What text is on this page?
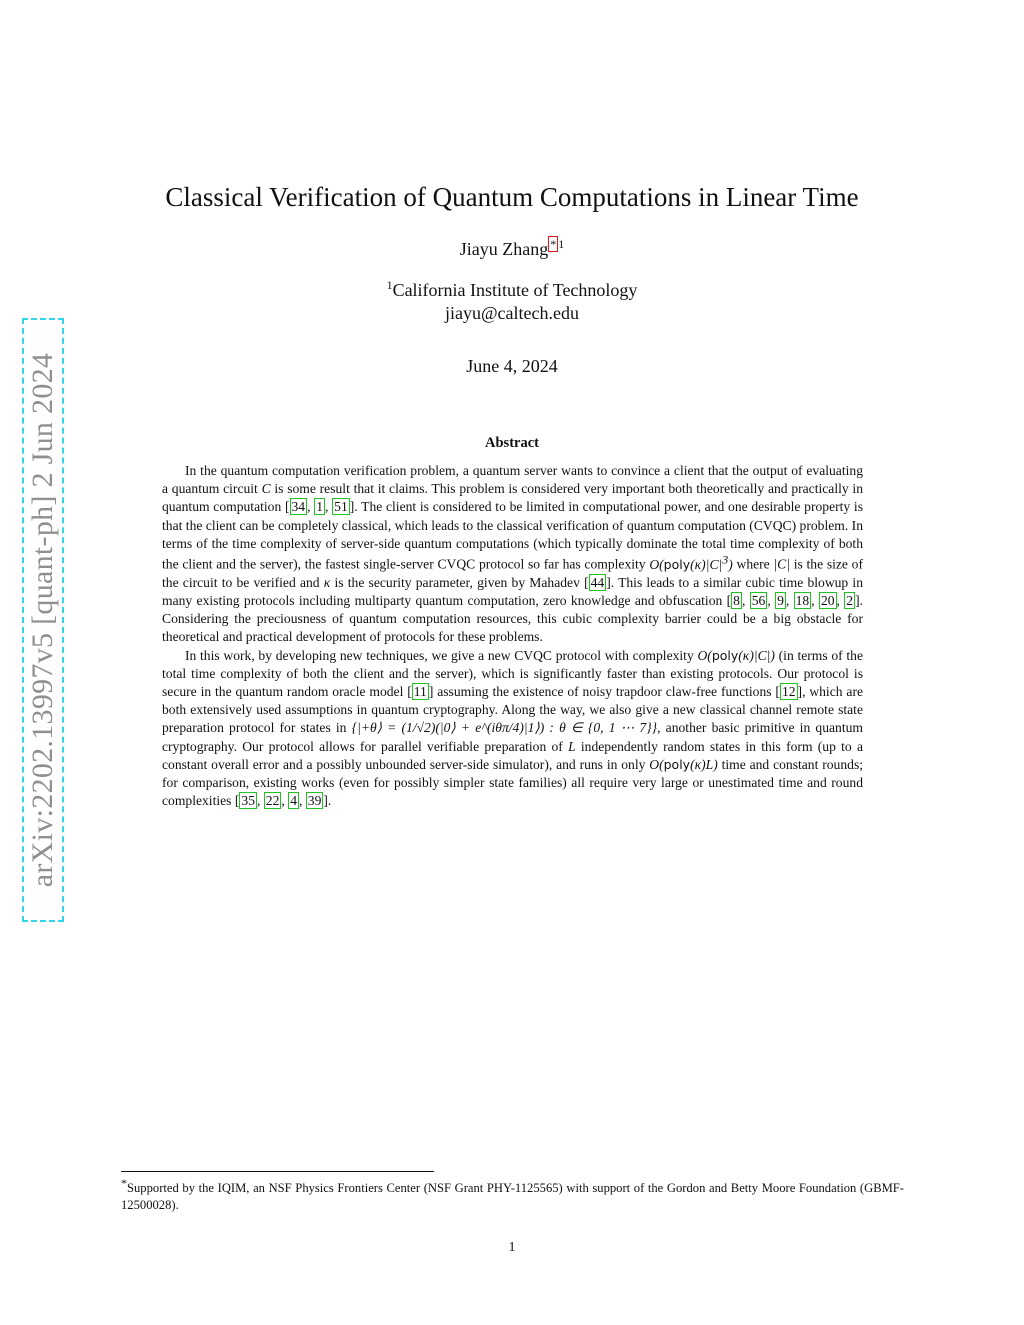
arXiv:2202.13997v5 [quant-ph] 2 Jun 2024
Classical Verification of Quantum Computations in Linear Time
Jiayu Zhang * $^1$
$^1$California Institute of Technology
jiayu@caltech.edu
June 4, 2024
Abstract

In the quantum computation verification problem, a quantum server wants to convince a client that the output of evaluating a quantum circuit C is some result that it claims. This problem is considered very important both theoretically and practically in quantum computation [ 34 , 1 , 51 ]. The client is considered to be limited in computational power, and one desirable property is that the client can be completely classical, which leads to the classical verification of quantum computation (CVQC) problem. In terms of the time complexity of server-side quantum computations (which typically dominate the total time complexity of both the client and the server), the fastest single-server CVQC protocol so far has complexity O(poly(κ)|C|3) where |C| is the size of the circuit to be verified and κ is the security parameter, given by Mahadev [ 44 ]. This leads to a similar cubic time blowup in many existing protocols including multiparty quantum computation, zero knowledge and obfuscation [ 8 , 56 , 9 , 18 , 20 , 2 ]. Considering the preciousness of quantum computation resources, this cubic complexity barrier could be a big obstacle for theoretical and practical development of protocols for these problems.

In this work, by developing new techniques, we give a new CVQC protocol with complexity O(poly(κ)|C|) (in terms of the total time complexity of both the client and the server), which is significantly faster than existing protocols. Our protocol is secure in the quantum random oracle model [ 11 ] assuming the existence of noisy trapdoor claw-free functions [ 12 ], which are both extensively used assumptions in quantum cryptography. Along the way, we also give a new classical channel remote state preparation protocol for states in {|+θ⟩ = (1/√2)(|0⟩ + e^(iθπ/4)|1⟩) : θ ∈ {0, 1 ⋯ 7}}, another basic primitive in quantum cryptography. Our protocol allows for parallel verifiable preparation of L independently random states in this form (up to a constant overall error and a possibly unbounded server-side simulator), and runs in only O(poly(κ)L) time and constant rounds; for comparison, existing works (even for possibly simpler state families) all require very large or unestimated time and round complexities [ 35 , 22 , 4 , 39 ].

*Supported by the IQIM, an NSF Physics Frontiers Center (NSF Grant PHY-1125565) with support of the Gordon and Betty Moore Foundation (GBMF-12500028).
1
